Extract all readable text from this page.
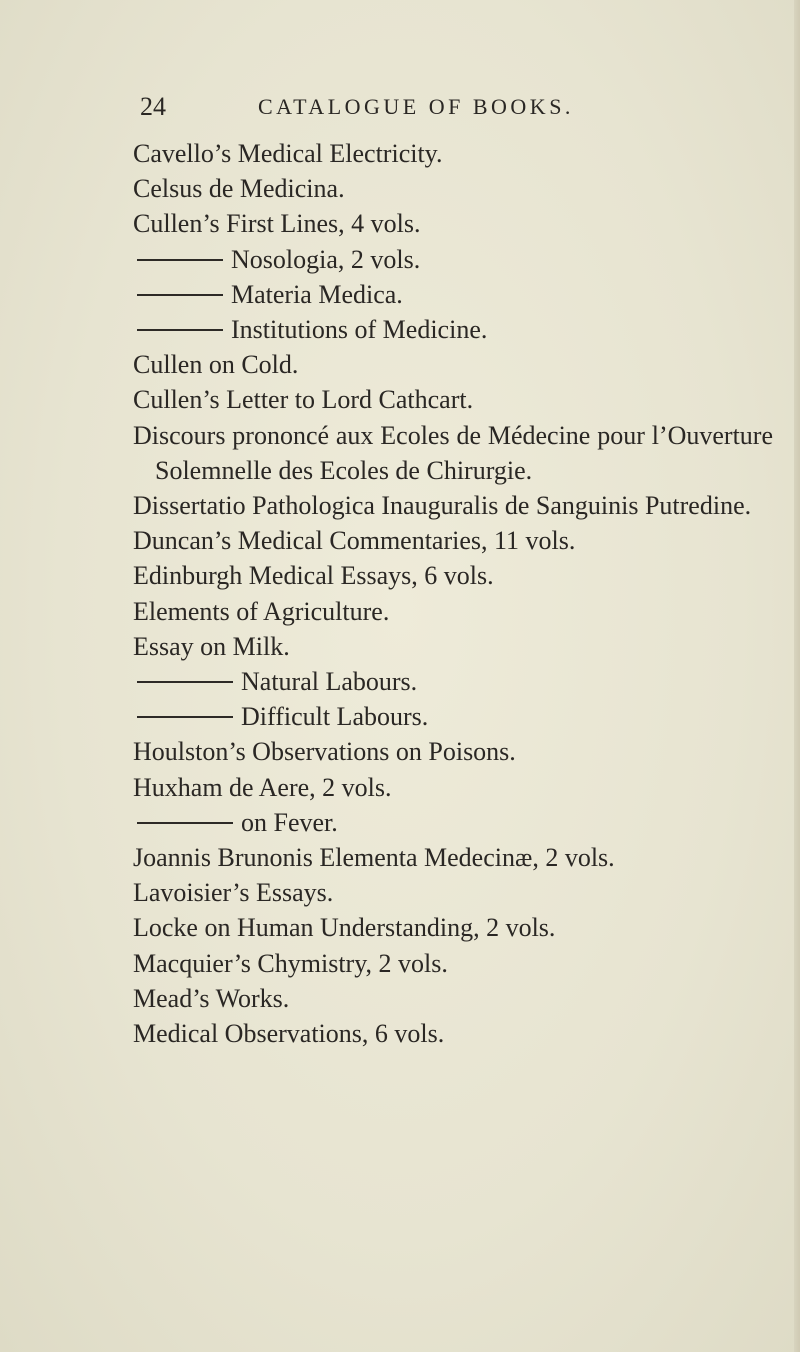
24	CATALOGUE OF BOOKS.
Cavello’s Medical Electricity.
Celsus de Medicina.
Cullen’s First Lines, 4 vols.
Nosologia, 2 vols.
Materia Medica.
Institutions of Medicine.
Cullen on Cold.
Cullen’s Letter to Lord Cathcart.
Discours prononcé aux Ecoles de Médecine pour l’Ouverture Solemnelle des Ecoles de Chirurgie.
Dissertatio Pathologica Inauguralis de Sanguinis Putredine.
Duncan’s Medical Commentaries, 11 vols.
Edinburgh Medical Essays, 6 vols.
Elements of Agriculture.
Essay on Milk.
Natural Labours.
Difficult Labours.
Houlston’s Observations on Poisons.
Huxham de Aere, 2 vols.
on Fever.
Joannis Brunonis Elementa Medecinæ, 2 vols.
Lavoisier’s Essays.
Locke on Human Understanding, 2 vols.
Macquier’s Chymistry, 2 vols.
Mead’s Works.
Medical Observations, 6 vols.
